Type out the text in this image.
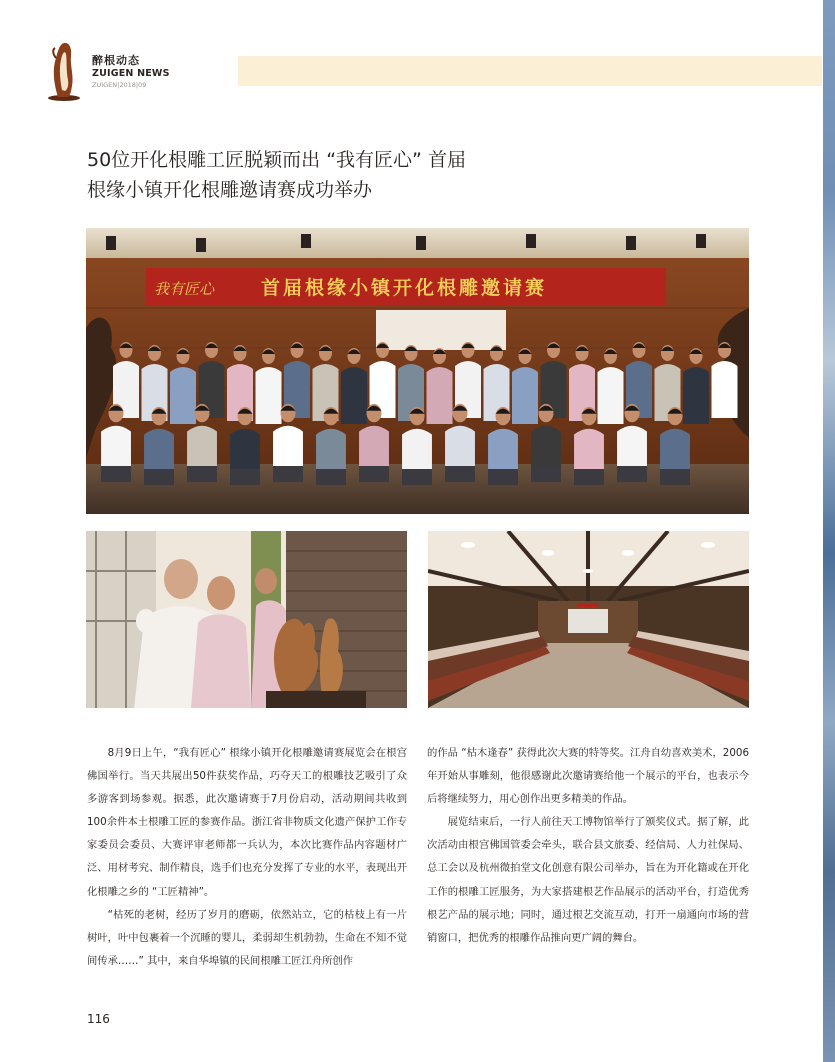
醉根动态
ZUIGEN NEWS
ZUIGEN|2018|09
50位开化根雕工匠脱颖而出 “我有匠心” 首届
根缘小镇开化根雕邀请赛成功举办
我有匠心 首届根缘小镇开化根雕邀请赛

8月9日上午，“我有匠心” 根缘小镇开化根雕邀请赛展览会在根宫佛国举行。当天共展出50件获奖作品，巧夺天工的根雕技艺吸引了众多游客到场参观。据悉，此次邀请赛于7月份启动，活动期间共收到100余件本土根雕工匠的参赛作品。浙江省非物质文化遗产保护工作专家委员会委员、大赛评审老师都一兵认为，本次比赛作品内容题材广泛、用材考究、制作精良，选手们也充分发挥了专业的水平，表现出开化根雕之乡的 “工匠精神”。

“枯死的老树，经历了岁月的磨砺，依然站立，它的枯枝上有一片树叶，叶中包裹着一个沉睡的婴儿，柔弱却生机勃勃，生命在不知不觉间传承……” 其中，来自华埠镇的民间根雕工匠江舟所创作

的作品 “枯木逢春” 获得此次大赛的特等奖。江舟自幼喜欢美术，2006年开始从事雕刻，他很感谢此次邀请赛给他一个展示的平台，也表示今后将继续努力，用心创作出更多精美的作品。

展览结束后，一行人前往天工博物馆举行了颁奖仪式。据了解，此次活动由根宫佛国管委会牵头，联合县文旅委、经信局、人力社保局、总工会以及杭州微拍堂文化创意有限公司举办，旨在为开化籍或在开化工作的根雕工匠服务，为大家搭建根艺作品展示的活动平台，打造优秀根艺产品的展示地；同时，通过根艺交流互动，打开一扇通向市场的营销窗口，把优秀的根雕作品推向更广阔的舞台。

116
